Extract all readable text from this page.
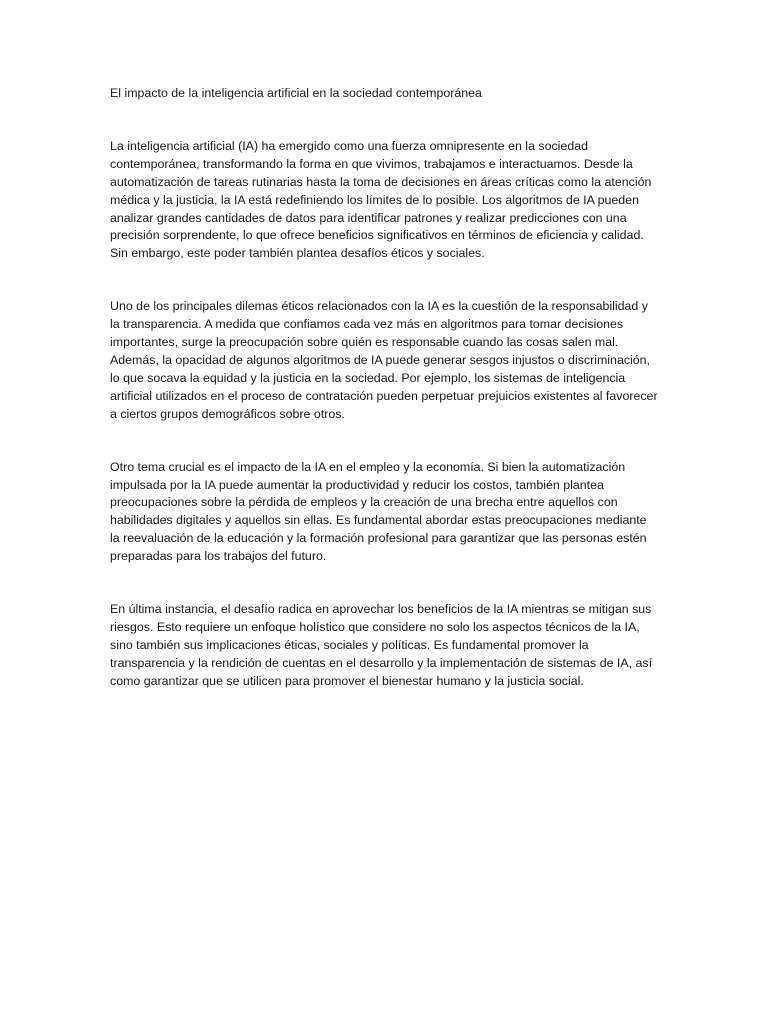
El impacto de la inteligencia artificial en la sociedad contemporánea

La inteligencia artificial (IA) ha emergido como una fuerza omnipresente en la sociedad contemporánea, transformando la forma en que vivimos, trabajamos e interactuamos. Desde la automatización de tareas rutinarias hasta la toma de decisiones en áreas críticas como la atención médica y la justicia, la IA está redefiniendo los límites de lo posible. Los algoritmos de IA pueden analizar grandes cantidades de datos para identificar patrones y realizar predicciones con una precisión sorprendente, lo que ofrece beneficios significativos en términos de eficiencia y calidad. Sin embargo, este poder también plantea desafíos éticos y sociales.

Uno de los principales dilemas éticos relacionados con la IA es la cuestión de la responsabilidad y la transparencia. A medida que confiamos cada vez más en algoritmos para tomar decisiones importantes, surge la preocupación sobre quién es responsable cuando las cosas salen mal. Además, la opacidad de algunos algoritmos de IA puede generar sesgos injustos o discriminación, lo que socava la equidad y la justicia en la sociedad. Por ejemplo, los sistemas de inteligencia artificial utilizados en el proceso de contratación pueden perpetuar prejuicios existentes al favorecer a ciertos grupos demográficos sobre otros.

Otro tema crucial es el impacto de la IA en el empleo y la economía. Si bien la automatización impulsada por la IA puede aumentar la productividad y reducir los costos, también plantea preocupaciones sobre la pérdida de empleos y la creación de una brecha entre aquellos con habilidades digitales y aquellos sin ellas. Es fundamental abordar estas preocupaciones mediante la reevaluación de la educación y la formación profesional para garantizar que las personas estén preparadas para los trabajos del futuro.

En última instancia, el desafío radica en aprovechar los beneficios de la IA mientras se mitigan sus riesgos. Esto requiere un enfoque holístico que considere no solo los aspectos técnicos de la IA, sino también sus implicaciones éticas, sociales y políticas. Es fundamental promover la transparencia y la rendición de cuentas en el desarrollo y la implementación de sistemas de IA, así como garantizar que se utilicen para promover el bienestar humano y la justicia social.
